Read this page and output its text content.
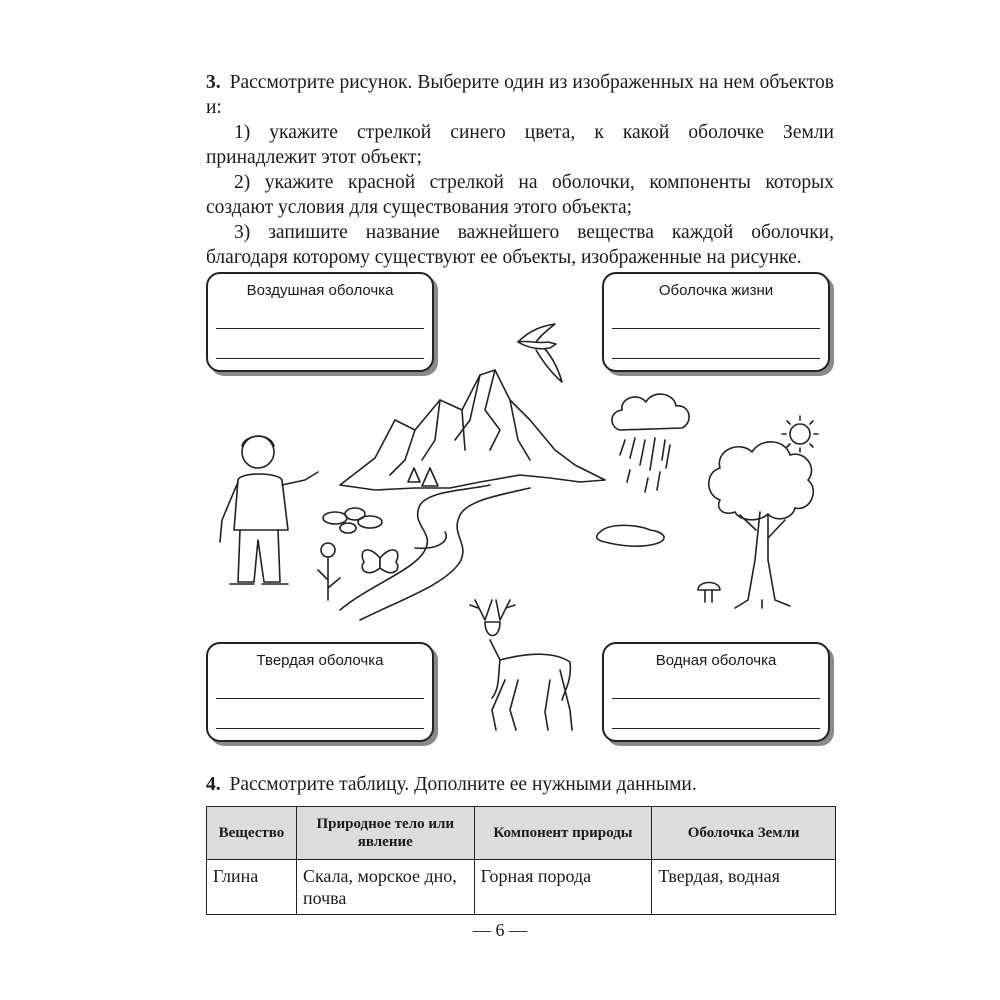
3. Рассмотрите рисунок. Выберите один из изображенных на нем объектов и:

1) укажите стрелкой синего цвета, к какой оболочке Земли принадлежит этот объект;

2) укажите красной стрелкой на оболочки, компоненты которых создают условия для существования этого объекта;

3) запишите название важнейшего вещества каждой оболочки, благодаря которому существуют ее объекты, изображенные на рисунке.

Воздушная оболочка	Оболочка жизни
Твердая оболочка	Водная оболочка

4. Рассмотрите таблицу. Дополните ее нужными данными.

Вещество	Природное тело или явление	Компонент природы	Оболочка Земли
Глина	Скала, морское дно, почва	Горная порода	Твердая, водная
— 6 —
